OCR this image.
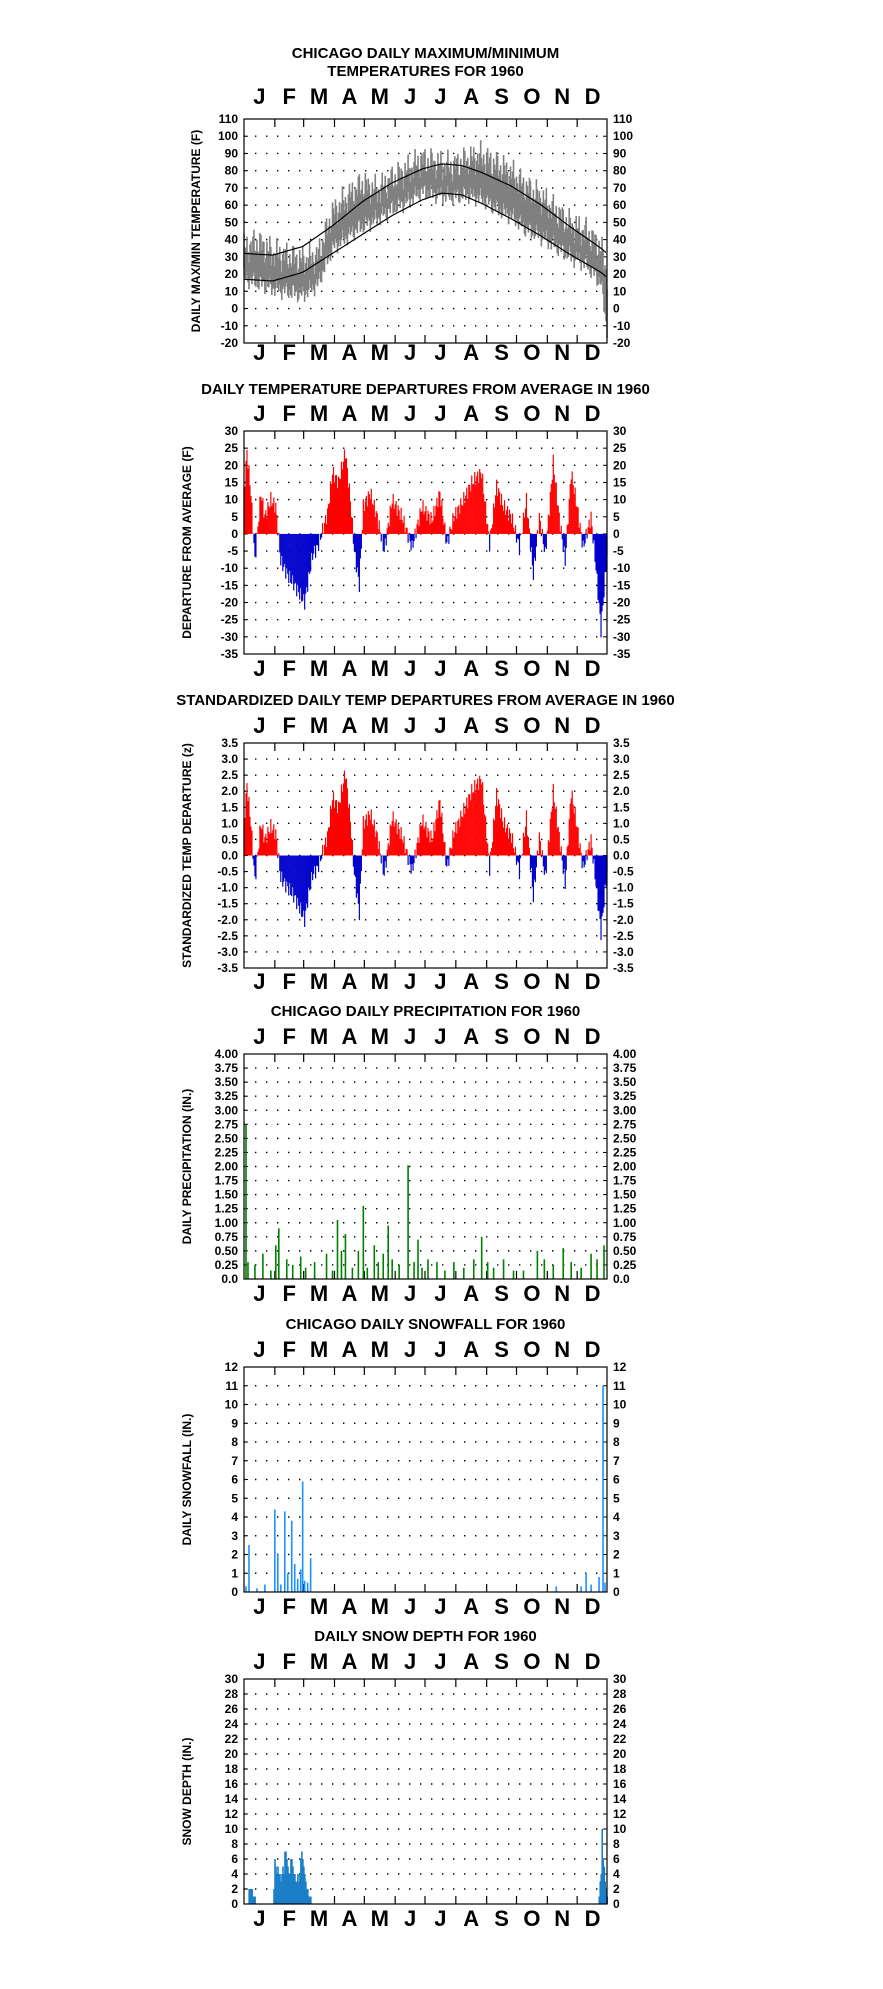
CHICAGO DAILY MAXIMUM/MINIMUM
TEMPERATURES FOR 1960
J
J
F
F
M
M
A
A
M
M
J
J
J
J
A
A
S
S
O
O
N
N
D
D
110	110
100	100
90	90
80	80
70	70
60	60
50	50
40	40
30	30
20	20
10	10
0	0
-10	-10
-20	-20
DAILY MAX/MIN TEMPERATURE (F)
DAILY TEMPERATURE DEPARTURES FROM AVERAGE IN 1960
J
J
F
F
M
M
A
A
M
M
J
J
J
J
A
A
S
S
O
O
N
N
D
D
30	30
25	25
20	20
15	15
10	10
5	5
0	0
-5	-5
-10	-10
-15	-15
-20	-20
-25	-25
-30	-30
-35	-35
DEPARTURE FROM AVERAGE (F)
STANDARDIZED DAILY TEMP DEPARTURES FROM AVERAGE IN 1960
J
J
F
F
M
M
A
A
M
M
J
J
J
J
A
A
S
S
O
O
N
N
D
D
3.5	3.5
3.0	3.0
2.5	2.5
2.0	2.0
1.5	1.5
1.0	1.0
0.5	0.5
0.0	0.0
-0.5	-0.5
-1.0	-1.0
-1.5	-1.5
-2.0	-2.0
-2.5	-2.5
-3.0	-3.0
-3.5	-3.5
STANDARDIZED TEMP DEPARTURE (z)
CHICAGO DAILY PRECIPITATION FOR 1960
J
J
F
F
M
M
A
A
M
M
J
J
J
J
A
A
S
S
O
O
N
N
D
D
4.00	4.00
3.75	3.75
3.50	3.50
3.25	3.25
3.00	3.00
2.75	2.75
2.50	2.50
2.25	2.25
2.00	2.00
1.75	1.75
1.50	1.50
1.25	1.25
1.00	1.00
0.75	0.75
0.50	0.50
0.25	0.25
0.0	0.0
DAILY PRECIPITATION (IN.)
CHICAGO DAILY SNOWFALL FOR 1960
J
J
F
F
M
M
A
A
M
M
J
J
J
J
A
A
S
S
O
O
N
N
D
D
12	12
11	11
10	10
9	9
8	8
7	7
6	6
5	5
4	4
3	3
2	2
1	1
0	0
DAILY SNOWFALL (IN.)
DAILY SNOW DEPTH FOR 1960
J
J
F
F
M
M
A
A
M
M
J
J
J
J
A
A
S
S
O
O
N
N
D
D
30	30
28	28
26	26
24	24
22	22
20	20
18	18
16	16
14	14
12	12
10	10
8	8
6	6
4	4
2	2
0	0
SNOW DEPTH (IN.)
